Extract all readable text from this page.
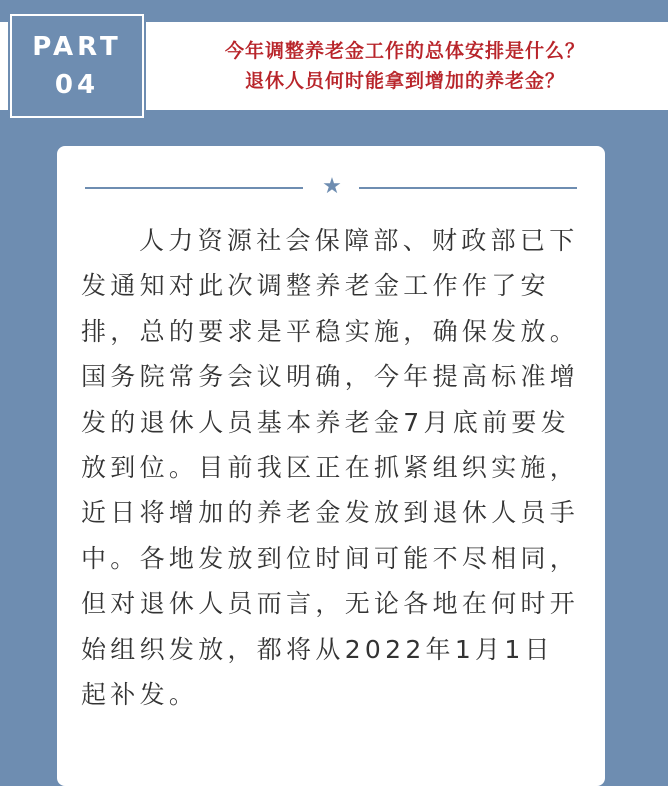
PART
04
今年调整养老金工作的总体安排是什么？
退休人员何时能拿到增加的养老金？
★

人力资源社会保障部、财政部已下发通知对此次调整养老金工作作了安排，总的要求是平稳实施，确保发放。国务院常务会议明确，今年提高标准增发的退休人员基本养老金7月底前要发放到位。目前我区正在抓紧组织实施，近日将增加的养老金发放到退休人员手中。各地发放到位时间可能不尽相同，但对退休人员而言，无论各地在何时开始组织发放，都将从2022年1月1日起补发。
